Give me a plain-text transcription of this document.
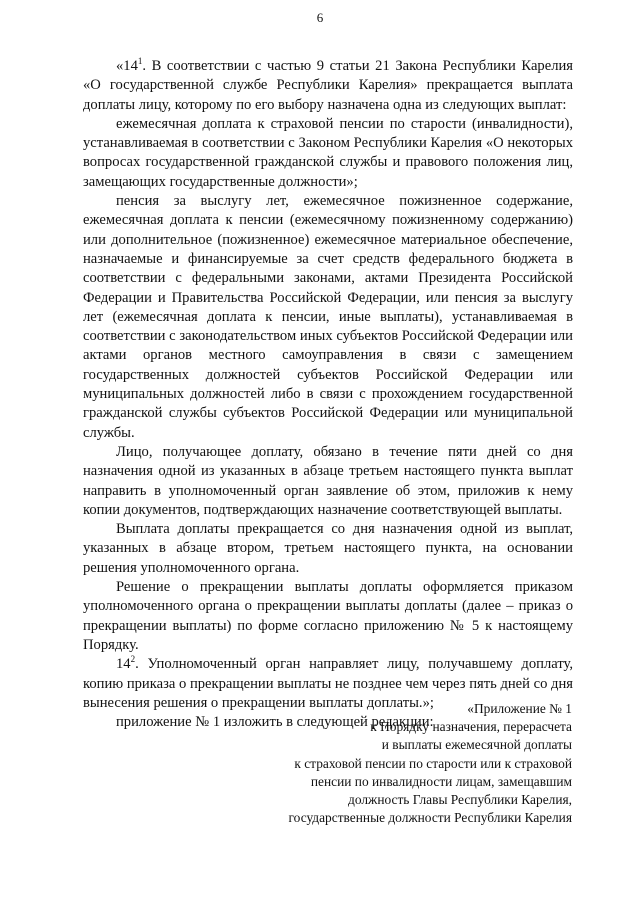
6

«$14^1$. В соответствии с частью 9 статьи 21 Закона Республики Карелия «О государственной службе Республики Карелия» прекращается выплата доплаты лицу, которому по его выбору назначена одна из следующих выплат:

ежемесячная доплата к страховой пенсии по старости (инвалидности), устанавливаемая в соответствии с Законом Республики Карелия «О некоторых вопросах государственной гражданской службы и правового положения лиц, замещающих государственные должности»;

пенсия за выслугу лет, ежемесячное пожизненное содержание, ежемесячная доплата к пенсии (ежемесячному пожизненному содержанию) или дополнительное (пожизненное) ежемесячное материальное обеспечение, назначаемые и финансируемые за счет средств федерального бюджета в соответствии с федеральными законами, актами Президента Российской Федерации и Правительства Российской Федерации, или пенсия за выслугу лет (ежемесячная доплата к пенсии, иные выплаты), устанавливаемая в соответствии с законодательством иных субъектов Российской Федерации или актами органов местного самоуправления в связи с замещением государственных должностей субъектов Российской Федерации или муниципальных должностей либо в связи с прохождением государственной гражданской службы субъектов Российской Федерации или муниципальной службы.

Лицо, получающее доплату, обязано в течение пяти дней со дня назначения одной из указанных в абзаце третьем настоящего пункта выплат направить в уполномоченный орган заявление об этом, приложив к нему копии документов, подтверждающих назначение соответствующей выплаты.

Выплата доплаты прекращается со дня назначения одной из выплат, указанных в абзаце втором, третьем настоящего пункта, на основании решения уполномоченного органа.

Решение о прекращении выплаты доплаты оформляется приказом уполномоченного органа о прекращении выплаты доплаты (далее – приказ о прекращении выплаты) по форме согласно приложению № 5 к настоящему Порядку.

$14^2$. Уполномоченный орган направляет лицу, получавшему доплату, копию приказа о прекращении выплаты не позднее чем через пять дней со дня вынесения решения о прекращении выплаты доплаты.»;

приложение № 1 изложить в следующей редакции:

«Приложение № 1
к Порядку назначения, перерасчета
и выплаты ежемесячной доплаты
к страховой пенсии по старости или к страховой
пенсии по инвалидности лицам, замещавшим
должность Главы Республики Карелия,
государственные должности Республики Карелия
